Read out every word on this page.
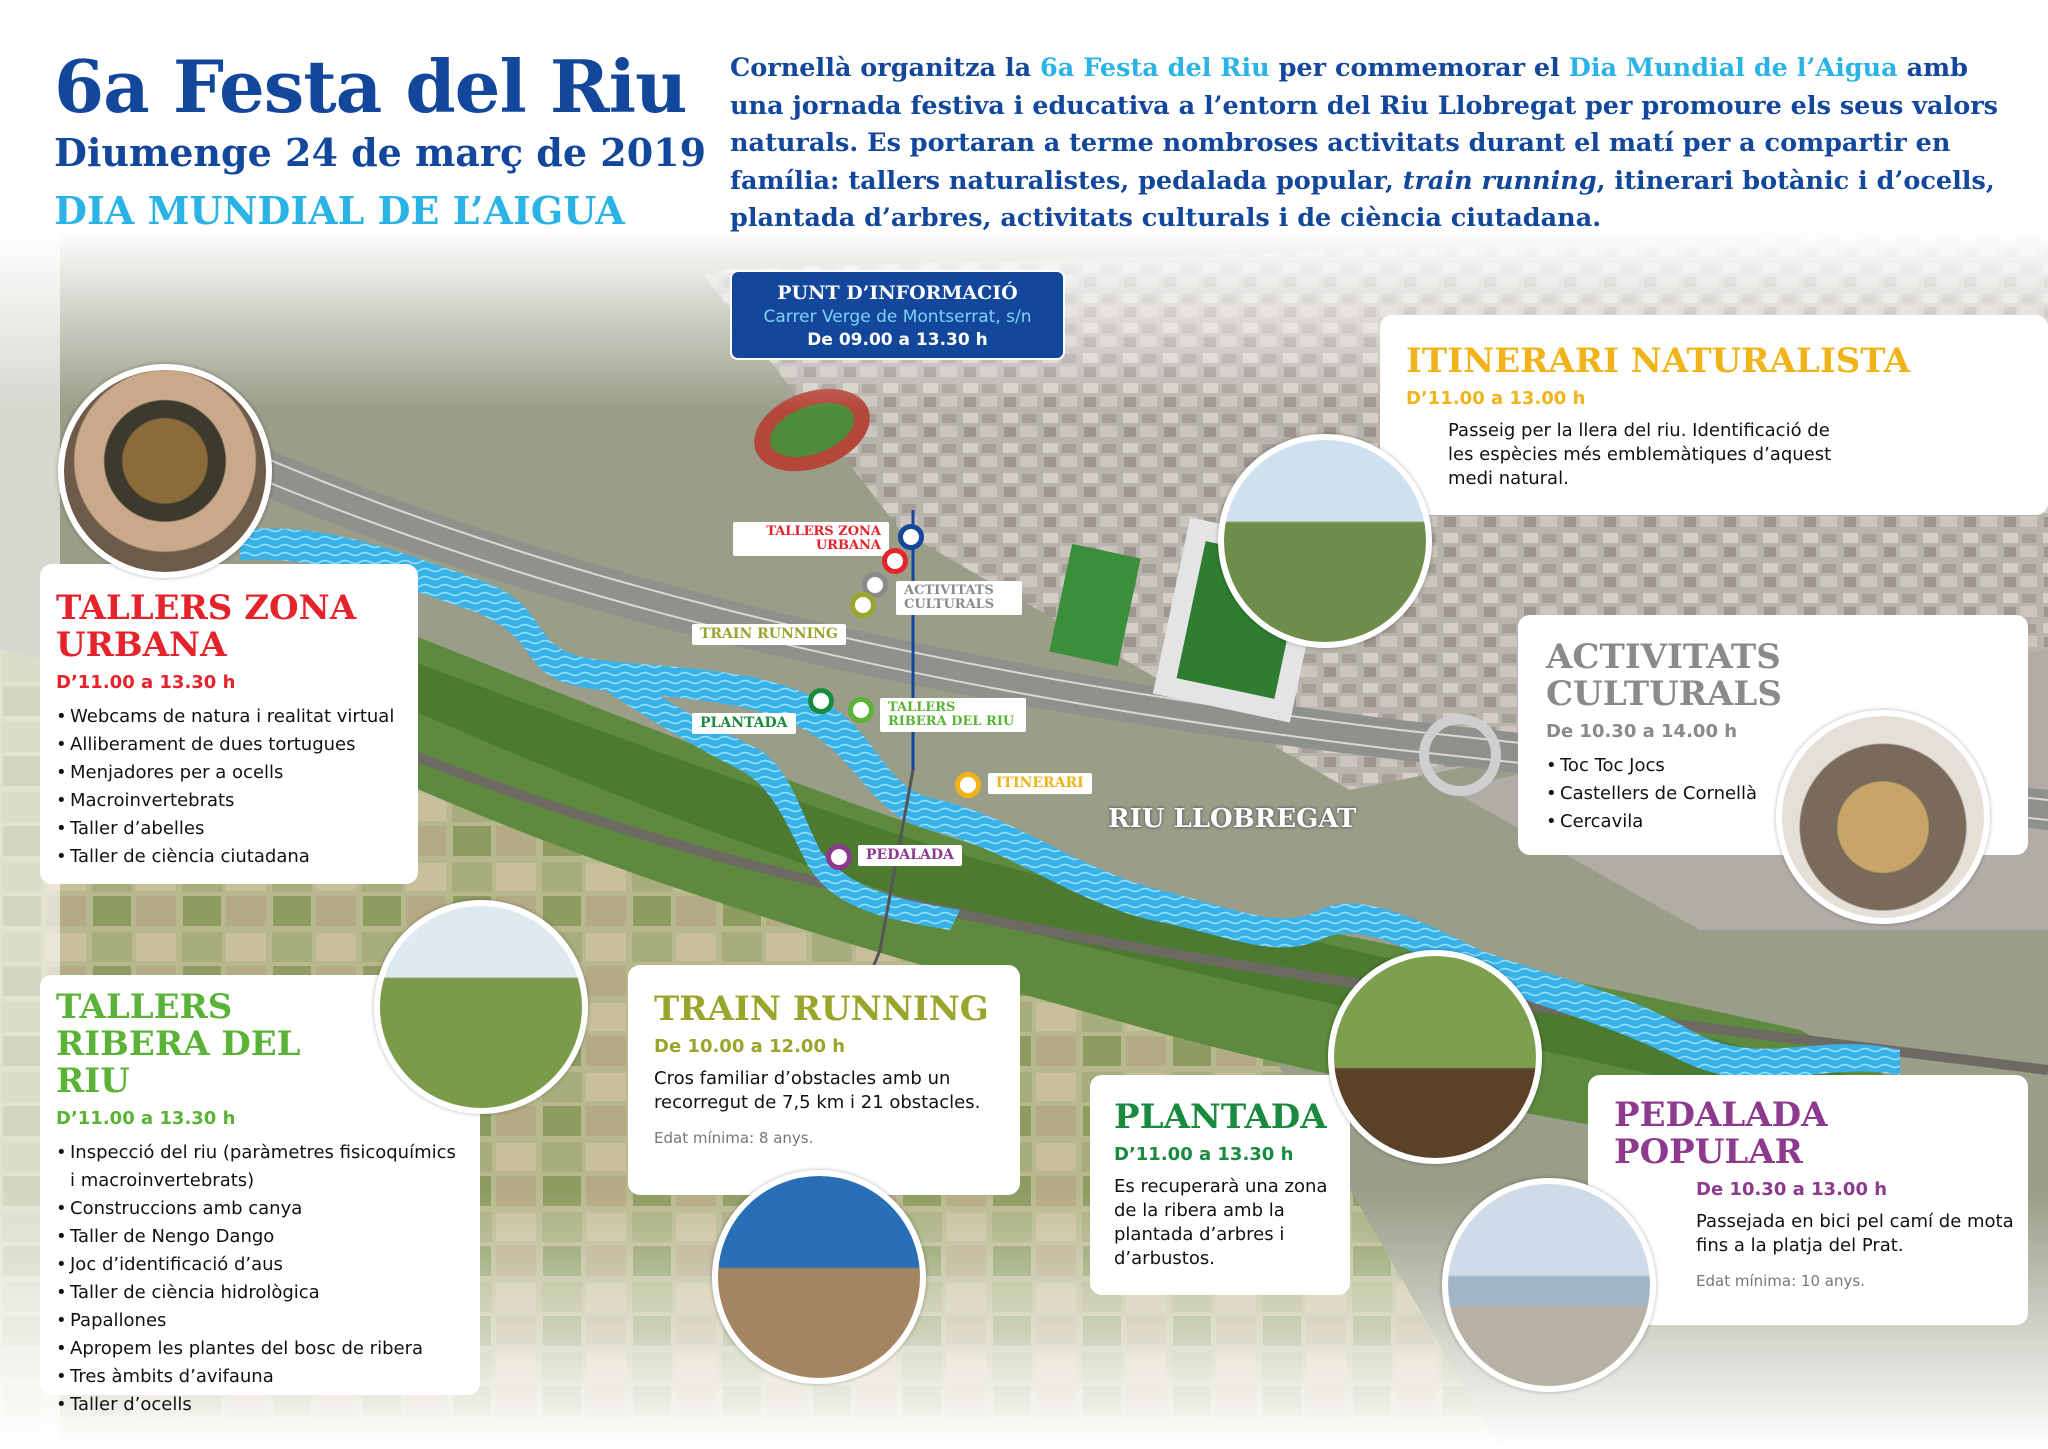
6a Festa del Riu
Diumenge 24 de març de 2019
DIA MUNDIAL DE L’AIGUA
Cornellà organitza la 6a Festa del Riu per commemorar el Dia Mundial de l’Aigua amb una jornada festiva i educativa a l’entorn del Riu Llobregat per promoure els seus valors naturals. Es portaran a terme nombroses activitats durant el matí per a compartir en família: tallers naturalistes, pedalada popular, train running, itinerari botànic i d’ocells, plantada d’arbres, activitats culturals i de ciència ciutadana.
PUNT D’INFORMACIÓ
Carrer Verge de Montserrat, s/n
De 09.00 a 13.30 h
TALLERS ZONA URBANA
ACTIVITATS CULTURALS
TRAIN RUNNING
PLANTADA
TALLERS RIBERA DEL RIU
ITINERARI
PEDALADA
RIU LLOBREGAT
TALLERS ZONA URBANA
D’11.00 a 13.30 h
• Webcams de natura i realitat virtual
• Alliberament de dues tortugues
• Menjadores per a ocells
• Macroinvertebrats
• Taller d’abelles
• Taller de ciència ciutadana
TALLERS RIBERA DEL RIU
D’11.00 a 13.30 h
• Inspecció del riu (paràmetres fisicoquímics i macroinvertebrats)
• Construccions amb canya
• Taller de Nengo Dango
• Joc d’identificació d’aus
• Taller de ciència hidrològica
• Papallones
• Apropem les plantes del bosc de ribera
• Tres àmbits d’avifauna
• Taller d’ocells
TRAIN RUNNING
De 10.00 a 12.00 h
Cros familiar d’obstacles amb un recorregut de 7,5 km i 21 obstacles.
Edat mínima: 8 anys.
ITINERARI NATURALISTA
D’11.00 a 13.00 h
Passeig per la llera del riu. Identificació de les espècies més emblemàtiques d’aquest medi natural.
ACTIVITATS CULTURALS
De 10.30 a 14.00 h
• Toc Toc Jocs
• Castellers de Cornellà
• Cercavila
PLANTADA
D’11.00 a 13.30 h
Es recuperarà una zona de la ribera amb la plantada d’arbres i d’arbustos.
PEDALADA POPULAR
De 10.30 a 13.00 h
Passejada en bici pel camí de mota fins a la platja del Prat.
Edat mínima: 10 anys.
